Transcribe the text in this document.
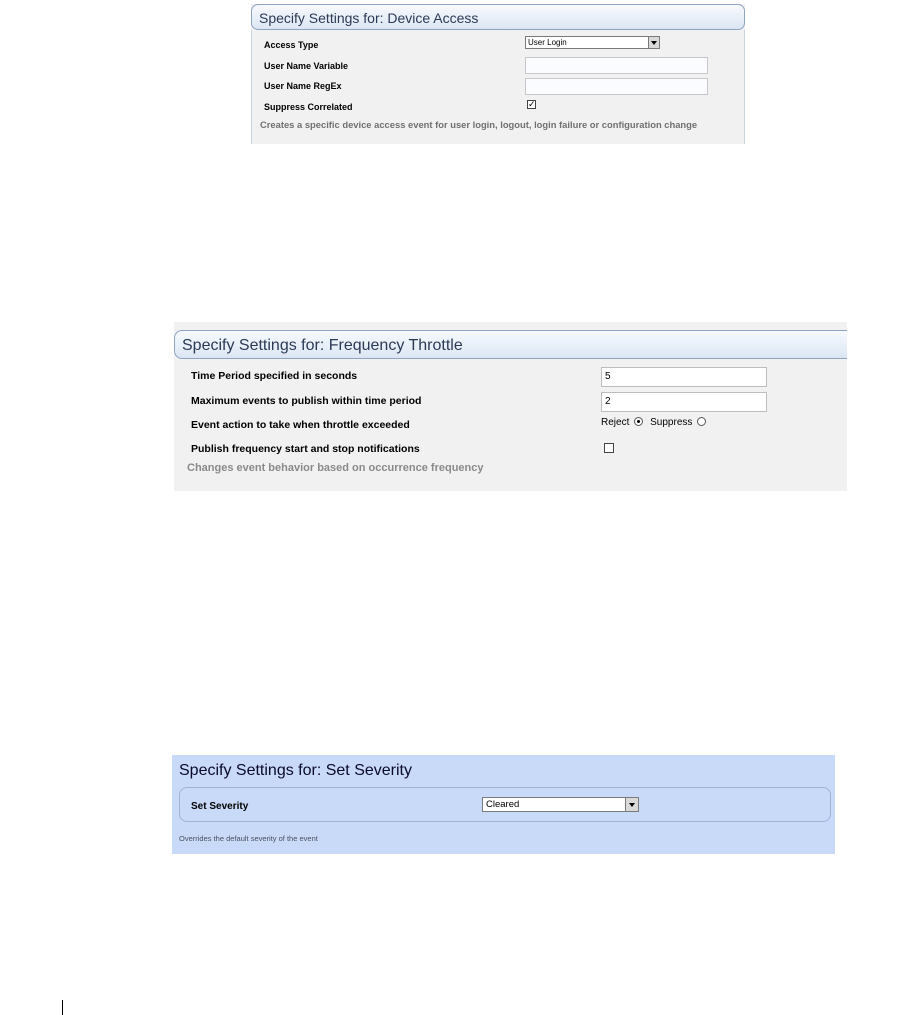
Specify Settings for: Device Access
Access Type	User Login
User Name Variable
User Name RegEx
Suppress Correlated	✓
Creates a specific device access event for user login, logout, login failure or configuration change
Specify Settings for: Frequency Throttle
Time Period specified in seconds	5
Maximum events to publish within time period	2
Event action to take when throttle exceeded	Reject Suppress
Publish frequency start and stop notifications
Changes event behavior based on occurrence frequency
Specify Settings for: Set Severity
Set Severity	Cleared
Overrides the default severity of the event
